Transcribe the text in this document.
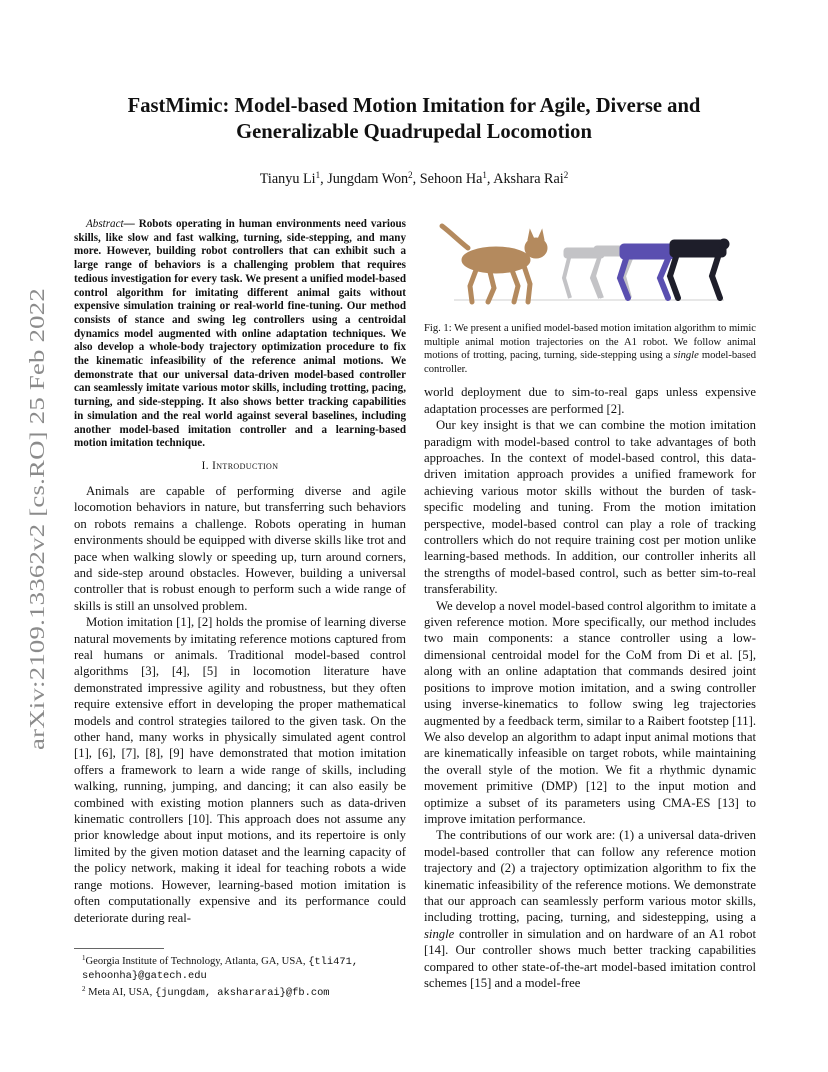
arXiv:2109.13362v2 [cs.RO] 25 Feb 2022
FastMimic: Model-based Motion Imitation for Agile, Diverse and
Generalizable Quadrupedal Locomotion
Tianyu Li$^1$, Jungdam Won$^2$, Sehoon Ha$^1$, Akshara Rai$^2$

Abstract— Robots operating in human environments need various skills, like slow and fast walking, turning, side-stepping, and many more. However, building robot controllers that can exhibit such a large range of behaviors is a challenging problem that requires tedious investigation for every task. We present a unified model-based control algorithm for imitating different animal gaits without expensive simulation training or real-world fine-tuning. Our method consists of stance and swing leg controllers using a centroidal dynamics model augmented with online adaptation techniques. We also develop a whole-body trajectory optimization procedure to fix the kinematic infeasibility of the reference animal motions. We demonstrate that our universal data-driven model-based controller can seamlessly imitate various motor skills, including trotting, pacing, turning, and side-stepping. It also shows better tracking capabilities in simulation and the real world against several baselines, including another model-based imitation controller and a learning-based motion imitation technique.

I. Introduction

Animals are capable of performing diverse and agile locomotion behaviors in nature, but transferring such behaviors on robots remains a challenge. Robots operating in human environments should be equipped with diverse skills like trot and pace when walking slowly or speeding up, turn around corners, and side-step around obstacles. However, building a universal controller that is robust enough to perform such a wide range of skills is still an unsolved problem.

Motion imitation [1], [2] holds the promise of learning diverse natural movements by imitating reference motions captured from real humans or animals. Traditional model-based control algorithms [3], [4], [5] in locomotion literature have demonstrated impressive agility and robustness, but they often require extensive effort in developing the proper mathematical models and control strategies tailored to the given task. On the other hand, many works in physically simulated agent control [1], [6], [7], [8], [9] have demonstrated that motion imitation offers a framework to learn a wide range of skills, including walking, running, jumping, and dancing; it can also easily be combined with existing motion planners such as data-driven kinematic controllers [10]. This approach does not assume any prior knowledge about input motions, and its repertoire is only limited by the given motion dataset and the learning capacity of the policy network, making it ideal for teaching robots a wide range motions. However, learning-based motion imitation is often computationally expensive and its performance could deteriorate during real-

$^1$Georgia Institute of Technology, Atlanta, GA, USA, {tli471, sehoonha}@gatech.edu
$^2$ Meta AI, USA, {jungdam, akshararai}@fb.com
Fig. 1: We present a unified model-based motion imitation algorithm to mimic multiple animal motion trajectories on the A1 robot. We follow animal motions of trotting, pacing, turning, side-stepping using a single model-based controller.

world deployment due to sim-to-real gaps unless expensive adaptation processes are performed [2].

Our key insight is that we can combine the motion imitation paradigm with model-based control to take advantages of both approaches. In the context of model-based control, this data-driven imitation approach provides a unified framework for achieving various motor skills without the burden of task-specific modeling and tuning. From the motion imitation perspective, model-based control can play a role of tracking controllers which do not require training cost per motion unlike learning-based methods. In addition, our controller inherits all the strengths of model-based control, such as better sim-to-real transferability.

We develop a novel model-based control algorithm to imitate a given reference motion. More specifically, our method includes two main components: a stance controller using a low-dimensional centroidal model for the CoM from Di et al. [5], along with an online adaptation that commands desired joint positions to improve motion imitation, and a swing controller using inverse-kinematics to follow swing leg trajectories augmented by a feedback term, similar to a Raibert footstep [11]. We also develop an algorithm to adapt input animal motions that are kinematically infeasible on target robots, while maintaining the overall style of the motion. We fit a rhythmic dynamic movement primitive (DMP) [12] to the input motion and optimize a subset of its parameters using CMA-ES [13] to improve imitation performance.

The contributions of our work are: (1) a universal data-driven model-based controller that can follow any reference motion trajectory and (2) a trajectory optimization algorithm to fix the kinematic infeasibility of the reference motions. We demonstrate that our approach can seamlessly perform various motor skills, including trotting, pacing, turning, and sidestepping, using a single controller in simulation and on hardware of an A1 robot [14]. Our controller shows much better tracking capabilities compared to other state-of-the-art model-based imitation control schemes [15] and a model-free
